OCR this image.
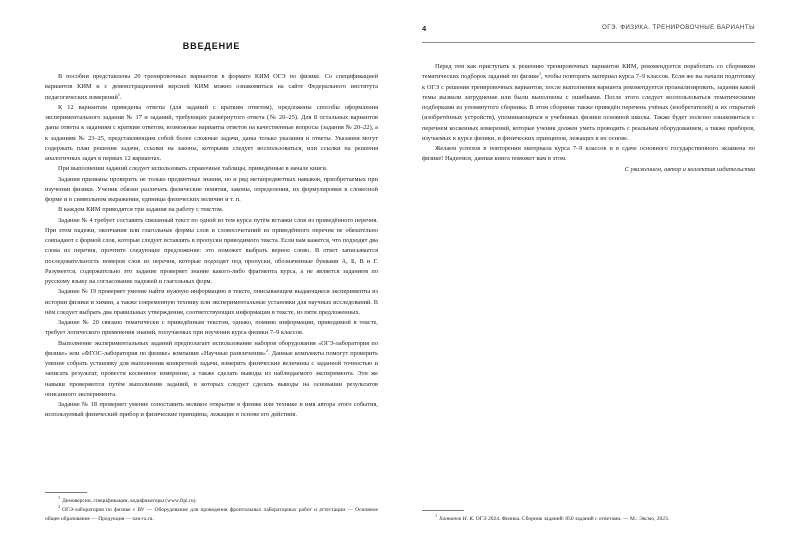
ВВЕДЕНИЕ

В пособии представлены 20 тренировочных вариантов в формате КИМ ОГЭ по физике. Со спецификацией вариантов КИМ и с демонстрационной версией КИМ можно ознакомиться на сайте Федерального института педагогических измерений$^1$.

К 12 вариантам приведены ответы (для заданий с кратким ответом), предложены способы оформления экспериментального задания № 17 и заданий, требующих развёрнутого ответа (№ 20–25). Для 8 остальных вариантов даны ответы к заданиям с кратким ответом, возможные варианты ответов на качественные вопросы (задания № 20–22), а к заданиям № 23–25, представляющим собой более сложные задачи, даны только указания и ответы. Указания могут содержать план решения задачи, ссылки на законы, которыми следует воспользоваться, или ссылки на решения аналогичных задач в первых 12 вариантах.

При выполнении заданий следует использовать справочные таблицы, приведённые в начале книги.

Задания призваны проверить не только предметные знания, но и ряд метапредметных навыков, приобретаемых при изучении физики. Ученик обязан различать физические понятия, законы, определения, их формулировки в словесной форме и в символьном выражении, единицы физических величин и т. п.

В каждом КИМ приводятся три задания на работу с текстом.

Задание № 4 требует составить связанный текст по одной из тем курса путём вставки слов из приведённого перечня. При этом падежи, окончания или глагольные формы слов и словосочетаний из приведённого перечня не обязательно совпадают с формой слов, которые следует вставлять в пропуски приводимого текста. Если вам кажется, что подходят два слова из перечня, прочтите следующее предложение: это поможет выбрать верное слово. В ответ записывается последовательность номеров слов из перечня, которые подходят под пропуски, обозначенные буквами А, Б, В и Г. Разумеется, содержательно это задание проверяет знание какого-либо фрагмента курса, а не является заданием по русскому языку на согласование падежей и глагольных форм.

Задание № 19 проверяет умение найти нужную информацию в тексте, описывающем выдающиеся эксперименты из истории физики и химии, а также современную технику или экспериментальные установки для научных исследований. В нём следует выбрать два правильных утверждения, соответствующих информации в тексте, из пяти предложенных.

Задание № 20 связано тематически с приведённым текстом, однако, помимо информации, приводимой в тексте, требует логического применения знаний, получаемых при изучении курса физики 7–9 классов.

Выполнение экспериментальных заданий предполагает использование наборов оборудования «ОГЭ-лаборатория по физике» или «ФГОС-лаборатория по физике» компании «Научные развлечения»$^2$. Данные комплекты помогут проверить умение собрать установку для выполнения конкретной задачи, измерить физические величины с заданной точностью и записать результат, провести косвенное измерение, а также сделать выводы из наблюдаемого эксперимента. Эти же навыки проверяются путём выполнения заданий, в которых следует сделать выводы на основании результатов описанного эксперимента.

Задание № 18 проверяет умение сопоставить великое открытие в физике или технике и имя автора этого события, используемый физический прибор и физические принципы, лежащие в основе его действия.

$^1$Демоверсии, спецификации, кодификаторы (www.fipi.ru).

$^2$ОГЭ-лаборатория по физике с ВУ — Оборудование для проведения фронтальных лабораторных работ и аттестации — Основное общее образование — Продукция — nau-ra.ru.

4	ОГЭ. ФИЗИКА. ТРЕНИРОВОЧНЫЕ ВАРИАНТЫ

Перед тем как приступать к решению тренировочных вариантов КИМ, рекомендуется поработать со сборником тематических подборок заданий по физике$^1$, чтобы повторить материал курса 7–9 классов. Если же вы начали подготовку к ОГЭ с решения тренировочных вариантов, после выполнения варианта рекомендуется проанализировать, задания какой темы вызвали затруднение или были выполнены с ошибками. После этого следует воспользоваться тематическими подборками из упомянутого сборника. В этом сборнике также приведён перечень учёных (изобретателей) и их открытий (изобретённых устройств), упоминающихся в учебниках физики основной школы. Также будет полезно ознакомиться с перечнем косвенных измерений, которые ученик должен уметь проводить с реальным оборудованием, а также приборов, изучаемых в курсе физики, и физических принципов, лежащих в их основе.

Желаем успехов в повторении материала курса 7–9 классов и в сдаче основного государственного экзамена по физике! Надеемся, данная книга поможет вам в этом.

С уважением, автор и коллектив издательства

$^1$Ханнанов Н. К. ОГЭ 2024. Физика. Сборник заданий: 850 заданий с ответами. — М.: Эксмо, 2023.
